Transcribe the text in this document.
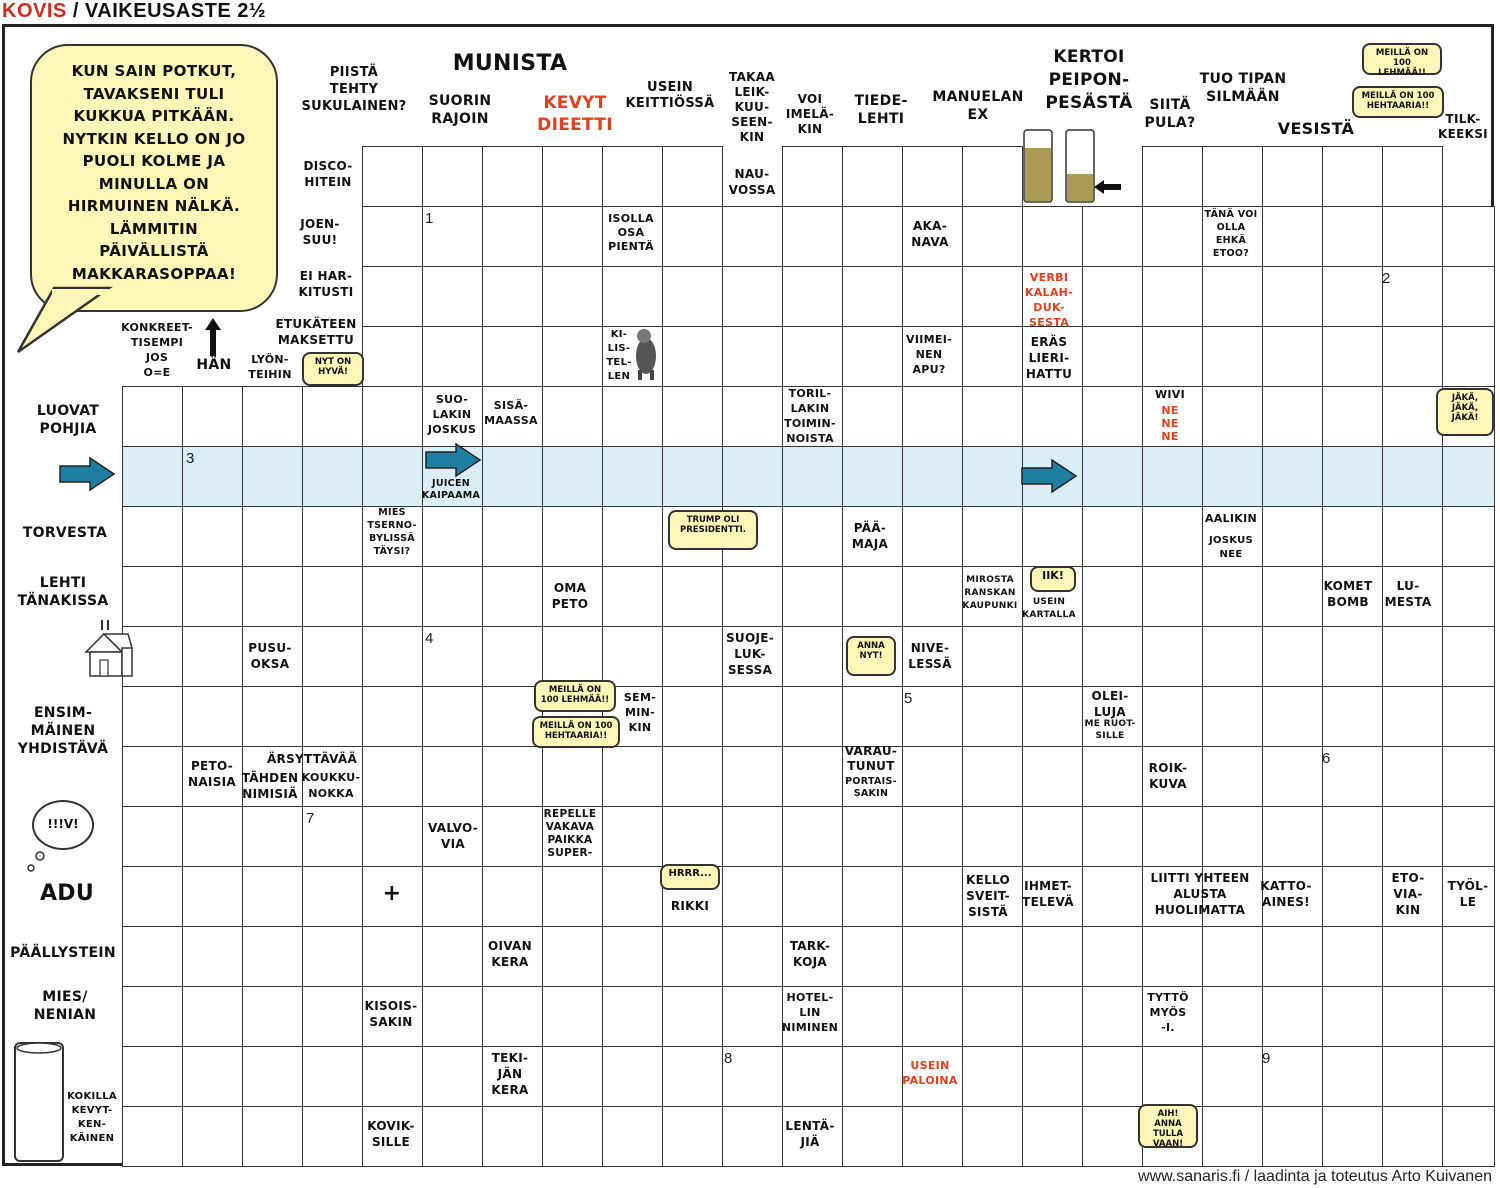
KOVIS / VAIKEUSASTE 2½
KUN SAIN POTKUT,
TAVAKSENI TULI
KUKKUA PITKÄÄN.
NYTKIN KELLO ON JO
PUOLI KOLME JA
MINULLA ON
HIRMUINEN NÄLKÄ.
LÄMMITIN
PÄIVÄLLISTÄ
MAKKARASOPPAA!
PIISTÄ
TEHTY
SUKULAINEN?
MUNISTA
SUORIN
RAJOIN
KEVYT
DIEETTI
USEIN
KEITTIÖSSÄ
TAKAA
LEIK-
KUU-
SEEN-
KIN
VOI
IMELÄ-
KIN
TIEDE-
LEHTI
MANUELAN
EX
KERTOI
PEIPON-
PESÄSTÄ	SIITÄ
PULA?
TUO TIPAN
SILMÄÄN
VESISTÄ	TILK-
KEEKSI
DISCO-
HITEIN
NAU-
VOSSA
JOEN-
SUU!
ISOLLA
OSA
PIENTÄ
AKA-
NAVA
TÄNÄ VOI
OLLA
EHKÄ
ETOO?
EI HAR-
KITUSTI
VERBI
KALAH-
DUK-
SESTA
ETUKÄTEEN
MAKSETTU
KONKREET-
TISEMPI
JOS
O=E	HÄN	LYÖN-
TEIHIN
KI-
LIS-
TEL-
LEN
VIIMEI-
NEN
APU?
ERÄS
LIERI-
HATTU
LUOVAT
POHJIA
SUO-
LAKIN
JOSKUS
SISÄ-
MAASSA
TORIL-
LAKIN
TOIMIN-
NOISTA
WIVI
NE
NE
NE
JUICEN
KAIPAAMA
TORVESTA
MIES
TSERNO-
BYLISSÄ
TÄYSI?
PÄÄ-
MAJA
AALIKIN
JOSKUS
NEE
LEHTI
TÄNAKISSA
OMA
PETO
MIROSTA
RANSKAN
KAUPUNKI	USEIN
KARTALLA
KOMET
BOMB
LU-
MESTA
PUSU-
OKSA
SUOJE-
LUK-
SESSA
NIVE-
LESSÄ
ENSIM-
MÄINEN
YHDISTÄVÄ
SEM-
MIN-
KIN
OLEI-
LUJA
ME RUOT-
SILLE
PETO-
NAISIA
ÄRSYTTÄVÄÄ
TÄHDEN
NIMISIÄ
KOUKKU-
NOKKA
VARAU-
TUNUT
PORTAIS-
SAKIN
ROIK-
KUVA
VALVO-
VIA
REPELLE
VAKAVA
PAIKKA
SUPER-
ADU	+	RIKKI
KELLO
SVEIT-
SISTÄ
IHMET-
TELEVÄ
LIITTI YHTEEN
ALUSTA
HUOLIMATTA
KATTO-
AINES!
ETO-
VIA-
KIN
TYÖL-
LE
PÄÄLLYSTEIN	OIVAN
KERA
TARK-
KOJA
MIES/
NENIAN
KISOIS-
SAKIN
HOTEL-
LIN
NIMINEN
TYTTÖ
MYÖS
-I.
KOKILLA
KEVYT-
KEN-
KÄINEN
TEKI-
JÄN
KERA
USEIN
PALOINA
KOVIK-
SILLE
LENTÄ-
JIÄ
1
2
3
4
5
6
7
8	9
MEILLÄ ON
100 LEHMÄÄ!!
MEILLÄ ON 100
HEHTAARIA!!
NYT ON
HYVÄ!
JÄKÄ,
JÄKÄ,
JÄKÄ!
TRUMP OLI
PRESIDENTTI.
IIK!
ANNA
NYT!
MEILLÄ ON
100 LEHMÄÄ!!
MEILLÄ ON 100
HEHTAARIA!!
HRRR...
AIH! ANNA
TULLA
VAAN!
!!!V!
www.sanaris.fi / laadinta ja toteutus Arto Kuivanen
